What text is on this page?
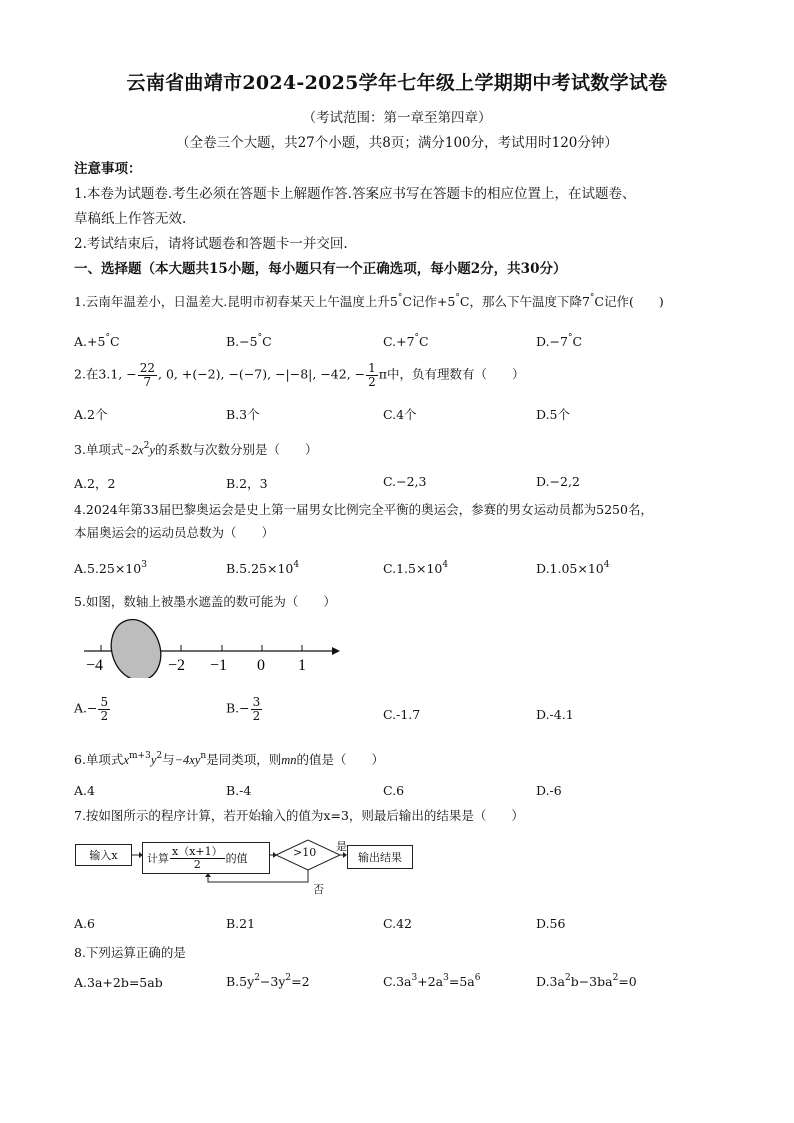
云南省曲靖市2024-2025学年七年级上学期期中考试数学试卷
（考试范围：第一章至第四章）
（全卷三个大题，共27个小题，共8页；满分100分，考试用时120分钟）
注意事项：
1.本卷为试题卷.考生必须在答题卡上解题作答.答案应书写在答题卡的相应位置上，在试题卷、
草稿纸上作答无效.
2.考试结束后，请将试题卷和答题卡一并交回.
一、选择题（本大题共15小题，每小题只有一个正确选项，每小题2分，共30分）
1.云南年温差小，日温差大.昆明市初春某天上午温度上升5°C记作+5°C，那么下午温度下降7°C记作(　　)
A.+5°C	B.−5°C	C.+7°C	D.−7°C
2.在3.1, − $\frac{22}{7}$ , 0, +(−2), −(−7), −|−8|, −42, − $\frac{1}{2}$ π中，负有理数有（　　）
A.2个	B.3个	C.4个	D.5个
3.单项式$-2x^2y$的系数与次数分别是（　　）
A.2，2	B.2，3	C.−2,3	D.−2,2
4.2024年第33届巴黎奥运会是史上第一届男女比例完全平衡的奥运会，参赛的男女运动员都为5250名，
本届奥运会的运动员总数为（　　）
$A.5.25\times 10^3$	$B.5.25\times 10^4$	$C.1.5\times 10^4$	$D.1.05\times 10^4$
5.如图，数轴上被墨水遮盖的数可能为（　　）
−4	−2 −1 0 1
$A.- \frac{5}{2}$	$B.- \frac{3}{2}$	C.-1.7	D.-4.1
6.单项式$x^{m+3}y^2$与$-4xy^n$是同类项，则mn的值是（　　）
A.4	B.-4	C.6	D.-6
7.按如图所示的程序计算，若开始输入的值为x=3，则最后输出的结果是（　　）
输入x	计算 $\frac{x(x+1)}{2}$ 的值	>10	输出结果
是
否
A.6	B.21	C.42	D.56
8.下列运算正确的是
A.3a+2b=5ab	$B.5y^2-3y^2=2$	$C.3a^3+2a^3=5a^6$	$D.3a^2b-3ba^2=0$
